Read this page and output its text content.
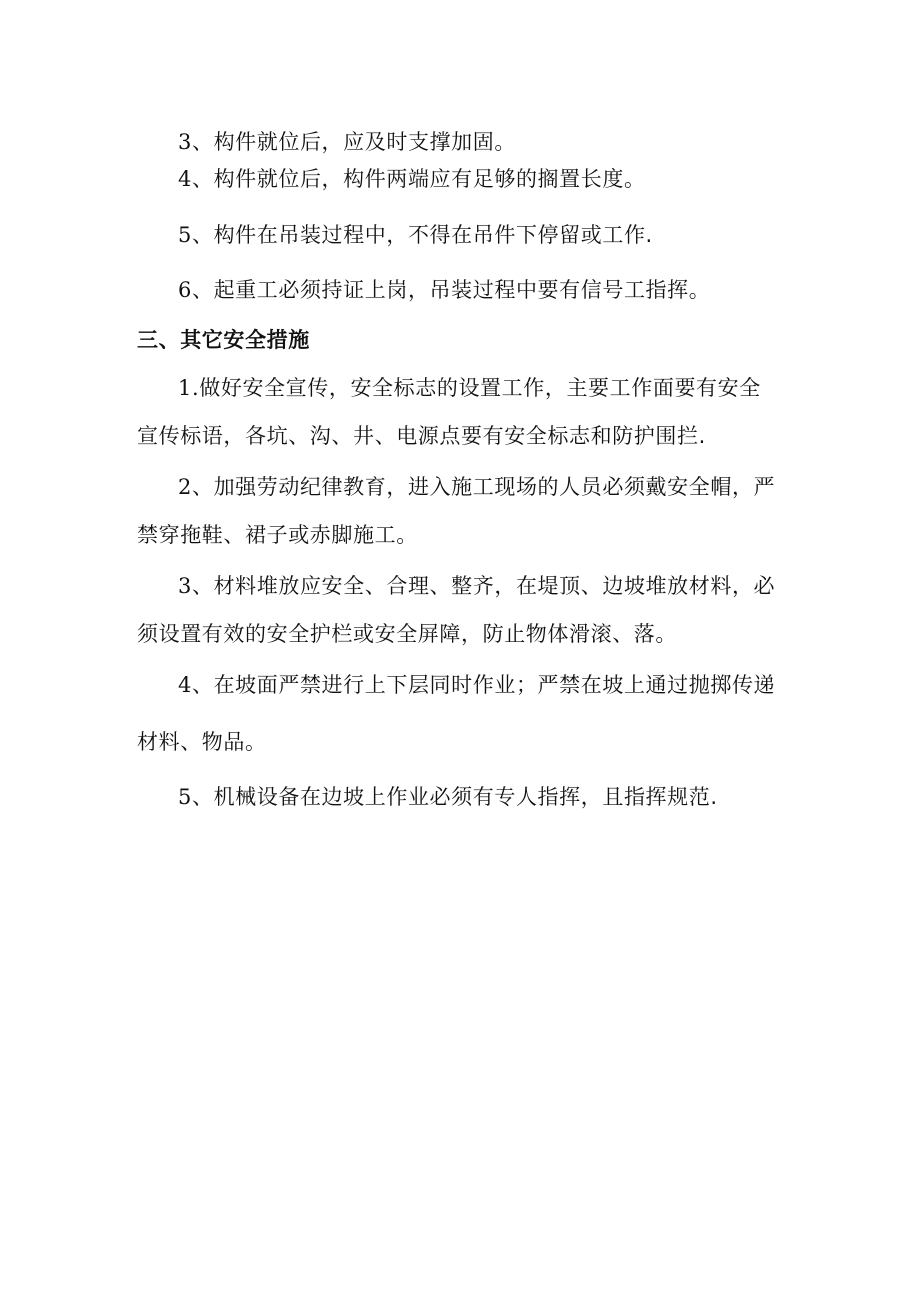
3、构件就位后，应及时支撑加固。
4、构件就位后，构件两端应有足够的搁置长度。
5、构件在吊装过程中，不得在吊件下停留或工作.
6、起重工必须持证上岗，吊装过程中要有信号工指挥。
三、其它安全措施
1.做好安全宣传，安全标志的设置工作，主要工作面要有安全
宣传标语，各坑、沟、井、电源点要有安全标志和防护围拦.
2、加强劳动纪律教育，进入施工现场的人员必须戴安全帽，严
禁穿拖鞋、裙子或赤脚施工。
3、材料堆放应安全、合理、整齐，在堤顶、边坡堆放材料，必
须设置有效的安全护栏或安全屏障，防止物体滑滚、落。
4、在坡面严禁进行上下层同时作业；严禁在坡上通过抛掷传递
材料、物品。
5、机械设备在边坡上作业必须有专人指挥，且指挥规范.
